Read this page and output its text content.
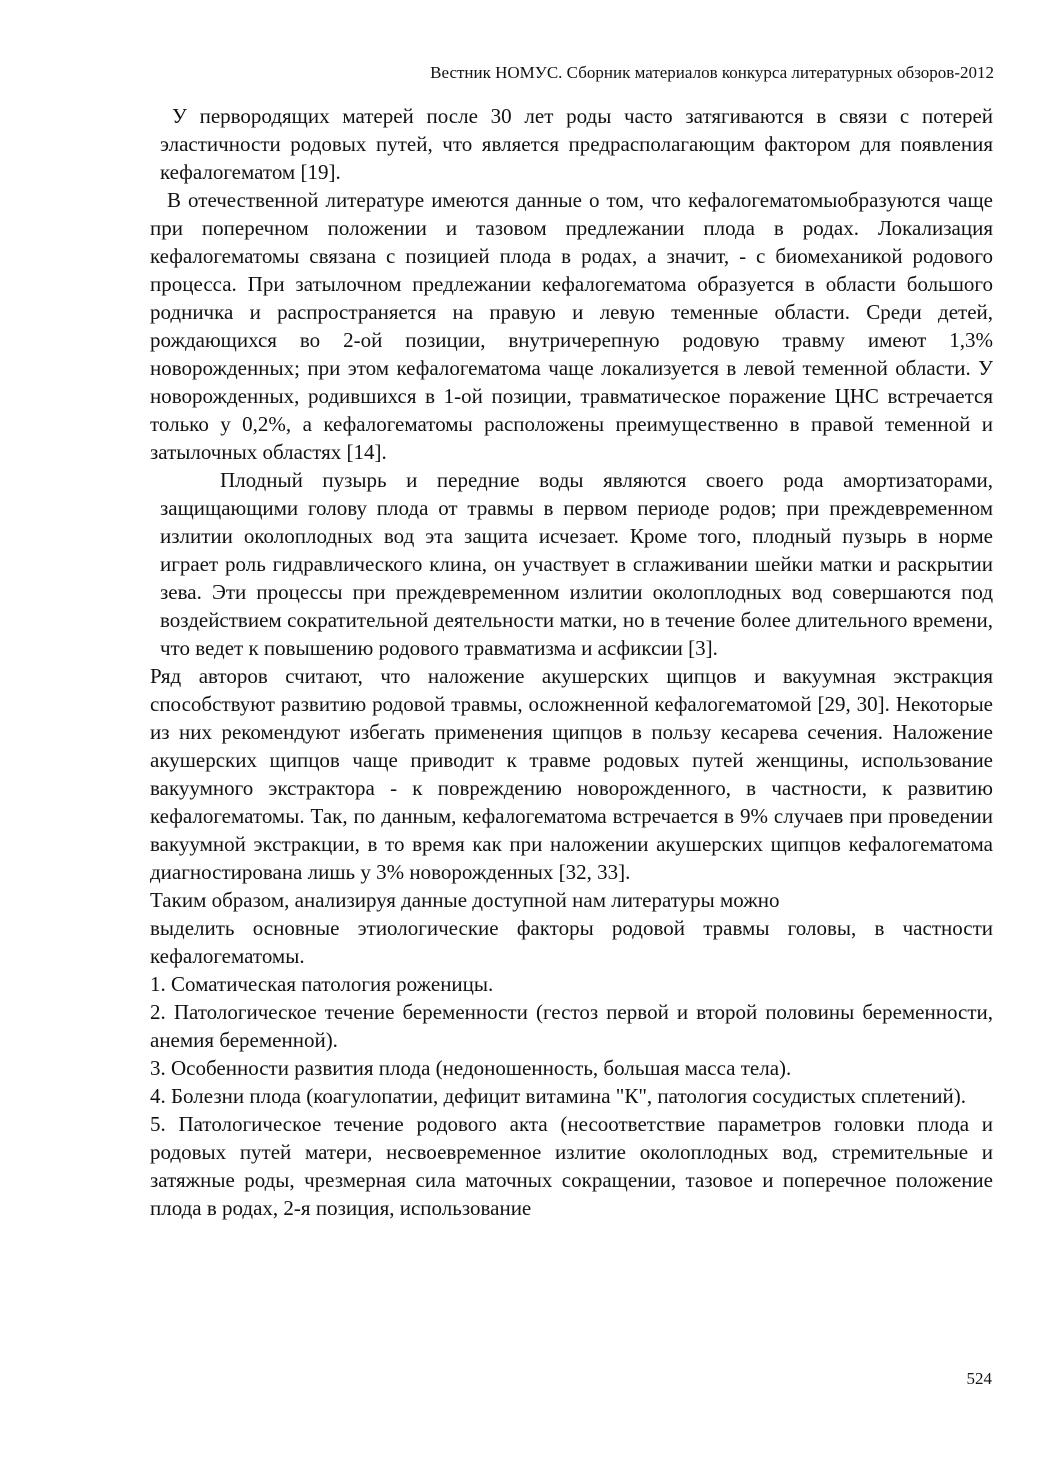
Вестник НОМУС. Сборник материалов конкурса литературных обзоров-2012

У первородящих матерей после 30 лет роды часто затягиваются в связи с потерей эластичности родовых путей, что является предрасполагающим фактором для появления кефалогематом [19].

В отечественной литературе имеются данные о том, что кефалогематомыобразуются чаще при поперечном положении и тазовом предлежании плода в родах. Локализация кефалогематомы связана с позицией плода в родах, а значит, - с биомеханикой родового процесса. При затылочном предлежании кефалогематома образуется в области большого родничка и распространяется на правую и левую теменные области. Среди детей, рождающихся во 2-ой позиции, внутричерепную родовую травму имеют 1,3% новорожденных; при этом кефалогематома чаще локализуется в левой теменной области. У новорожденных, родившихся в 1-ой позиции, травматическое поражение ЦНС встречается только у 0,2%, а кефалогематомы расположены преимущественно в правой теменной и затылочных областях [14].

Плодный пузырь и передние воды являются своего рода амортизаторами, защищающими голову плода от травмы в первом периоде родов; при преждевременном излитии околоплодных вод эта защита исчезает. Кроме того, плодный пузырь в норме играет роль гидравлического клина, он участвует в сглаживании шейки матки и раскрытии зева. Эти процессы при преждевременном излитии околоплодных вод совершаются под воздействием сократительной деятельности матки, но в течение более длительного времени, что ведет к повышению родового травматизма и асфиксии [3].

Ряд авторов считают, что наложение акушерских щипцов и вакуумная экстракция способствуют развитию родовой травмы, осложненной кефалогематомой [29, 30]. Некоторые из них рекомендуют избегать применения щипцов в пользу кесарева сечения. Наложение акушерских щипцов чаще приводит к травме родовых путей женщины, использование вакуумного экстрактора - к повреждению новорожденного, в частности, к развитию кефалогематомы. Так, по данным, кефалогематома встречается в 9% случаев при проведении вакуумной экстракции, в то время как при наложении акушерских щипцов кефалогематома диагностирована лишь у 3% новорожденных [32, 33].

Таким образом, анализируя данные доступной нам литературы можно

выделить основные этиологические факторы родовой травмы головы, в частности кефалогематомы.

1. Соматическая патология роженицы.

2. Патологическое течение беременности (гестоз первой и второй половины беременности, анемия беременной).

3. Особенности развития плода (недоношенность, большая масса тела).

4. Болезни плода (коагулопатии, дефицит витамина "К", патология сосудистых сплетений).

5. Патологическое течение родового акта (несоответствие параметров головки плода и родовых путей матери, несвоевременное излитие околоплодных вод, стремительные и затяжные роды, чрезмерная сила маточных сокращении, тазовое и поперечное положение плода в родах, 2-я позиция, использование

524
